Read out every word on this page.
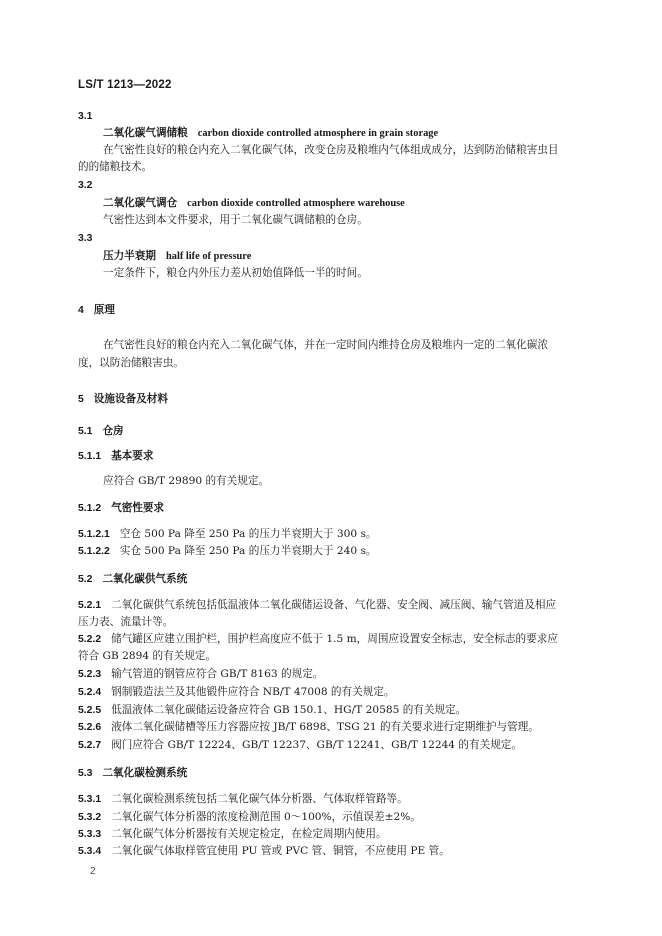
LS/T 1213—2022
3.1
二氧化碳气调储粮 carbon dioxide controlled atmosphere in grain storage
在气密性良好的粮仓内充入二氧化碳气体，改变仓房及粮堆内气体组成成分，达到防治储粮害虫目
的的储粮技术。
3.2
二氧化碳气调仓 carbon dioxide controlled atmosphere warehouse
气密性达到本文件要求，用于二氧化碳气调储粮的仓房。
3.3
压力半衰期 half life of pressure
一定条件下，粮仓内外压力差从初始值降低一半的时间。
4 原理
在气密性良好的粮仓内充入二氧化碳气体，并在一定时间内维持仓房及粮堆内一定的二氧化碳浓
度，以防治储粮害虫。
5 设施设备及材料
5.1 仓房
5.1.1 基本要求
应符合 GB/T 29890 的有关规定。
5.1.2 气密性要求
5.1.2.1 空仓 500 Pa 降至 250 Pa 的压力半衰期大于 300 s。
5.1.2.2 实仓 500 Pa 降至 250 Pa 的压力半衰期大于 240 s。
5.2 二氧化碳供气系统
5.2.1 二氧化碳供气系统包括低温液体二氧化碳储运设备、气化器、安全阀、减压阀、输气管道及相应
压力表、流量计等。
5.2.2 储气罐区应建立围护栏，围护栏高度应不低于 1.5 m，周围应设置安全标志，安全标志的要求应
符合 GB 2894 的有关规定。
5.2.3 输气管道的钢管应符合 GB/T 8163 的规定。
5.2.4 钢制锻造法兰及其他锻件应符合 NB/T 47008 的有关规定。
5.2.5 低温液体二氧化碳储运设备应符合 GB 150.1、HG/T 20585 的有关规定。
5.2.6 液体二氧化碳储槽等压力容器应按 JB/T 6898、TSG 21 的有关要求进行定期维护与管理。
5.2.7 阀门应符合 GB/T 12224、GB/T 12237、GB/T 12241、GB/T 12244 的有关规定。
5.3 二氧化碳检测系统
5.3.1 二氧化碳检测系统包括二氧化碳气体分析器、气体取样管路等。
5.3.2 二氧化碳气体分析器的浓度检测范围 0～100%，示值误差±2%。
5.3.3 二氧化碳气体分析器按有关规定检定，在检定周期内使用。
5.3.4 二氧化碳气体取样管宜使用 PU 管或 PVC 管、铜管，不应使用 PE 管。
2
